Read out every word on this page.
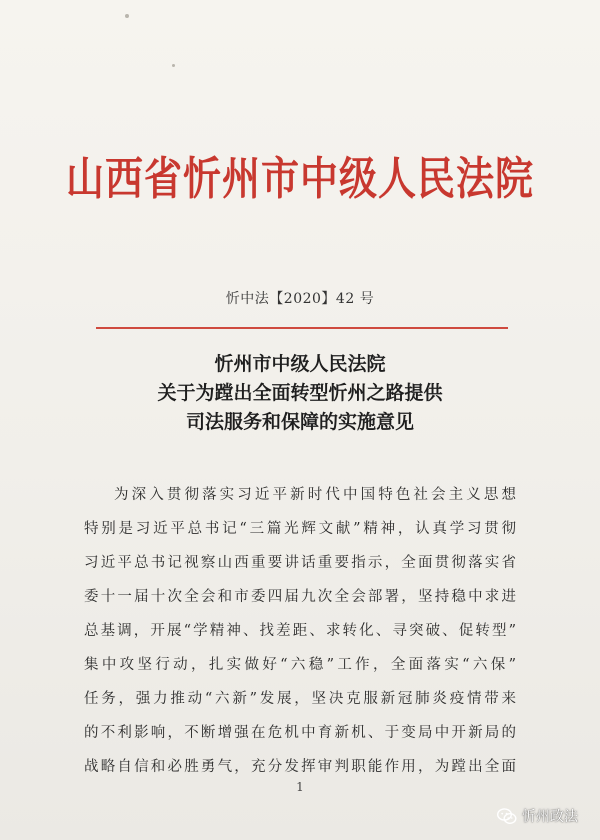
山西省忻州市中级人民法院
忻中法【2020】42 号
忻州市中级人民法院
关于为蹚出全面转型忻州之路提供
司法服务和保障的实施意见
为深入贯彻落实习近平新时代中国特色社会主义思想
特别是习近平总书记“三篇光辉文献”精神，认真学习贯彻
习近平总书记视察山西重要讲话重要指示，全面贯彻落实省
委十一届十次全会和市委四届九次全会部署，坚持稳中求进
总基调，开展“学精神、找差距、求转化、寻突破、促转型”
集中攻坚行动，扎实做好“六稳”工作，全面落实“六保”
任务，强力推动“六新”发展，坚决克服新冠肺炎疫情带来
的不利影响，不断增强在危机中育新机、于变局中开新局的
战略自信和必胜勇气，充分发挥审判职能作用，为蹚出全面
1
忻州政法
